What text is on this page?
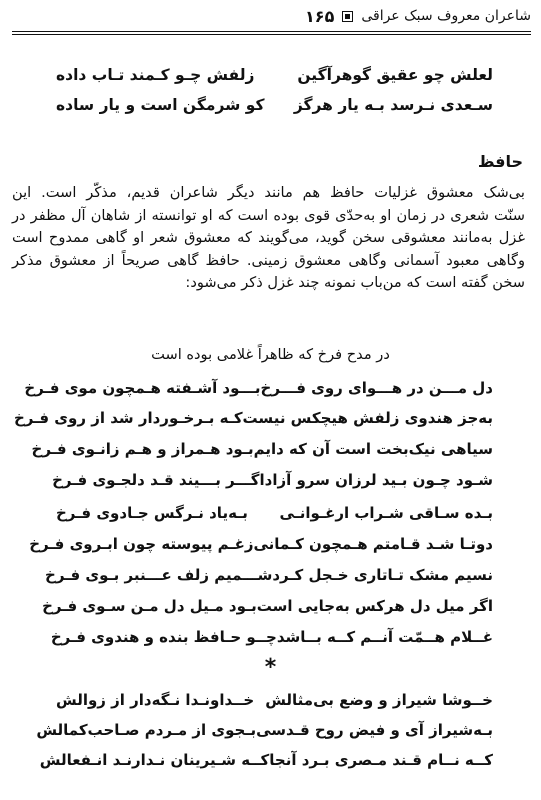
شاعران معروف سبک عراقی
۱۶۵
لعلش چو عقیق گوهرآگین
زلفش چـو کـمند تـاب داده
سـعدی نـرسد بـه یار هرگز
کو شرمگن است و یار ساده
حافظ
بی‌شک معشوق غزلیات حافظ هم مانند دیگر شاعران قدیم، مذکّر است. این
سنّت شعری در زمان او به‌حدّی قوی بوده است که او توانسته از شاهان آل مظفر در
غزل به‌مانند معشوقی سخن گوید، می‌گویند که معشوق شعر او گاهی ممدوح است
وگاهی معبود آسمانی وگاهی معشوق زمینی. حافظ گاهی صریحاً از معشوق مذکر
سخن گفته است که من‌باب نمونه چند غزل ذکر می‌شود:
در مدح فرخ که ظاهراً غلامی بوده است
دل مـــن در هـــوای روی فـــرخ
بـــود آشـفته هـمچون موی فـرخ
به‌جز هندوی زلفش هیچکس نیست
کـه بـرخـوردار شد از روی فـرخ
سیاهی نیک‌بخت است آن که دایم
بـود هـمراز و هـم زانـوی فـرخ
شـود چـون بـید لرزان سرو آزاد
اگـــر بـــیند قـد دلجـوی فـرخ
بـده سـاقی شـراب ارغـوانـی
بـه‌یاد نـرگس جـادوی فـرخ
دوتـا شـد قـامتم هـمچون کـمانی
زغـم پیوسته چون ابـروی فـرخ
نسیم مشک تـاتاری خـجل کـرد
شـــمیم زلف عـــنبر بـوی فـرخ
اگر میل دل هرکس به‌جایی است
بـود مـیل دل مـن سـوی فـرخ
غــلام هــمّت آنــم کــه بــاشد
چــو حـافظ بنده و هندوی فـرخ
*
خــوشا شیراز و وضع بی‌مثالش
خــداونـدا نـگه‌دار از زوالش
بـه‌شیراز آی و فیض روح قـدسی
بـجوی از مـردم صـاحب‌کمالش
کــه نــام قـند مـصری بـرد آنجا
کــه شـیرینان نـدارنـد انـفعالش
